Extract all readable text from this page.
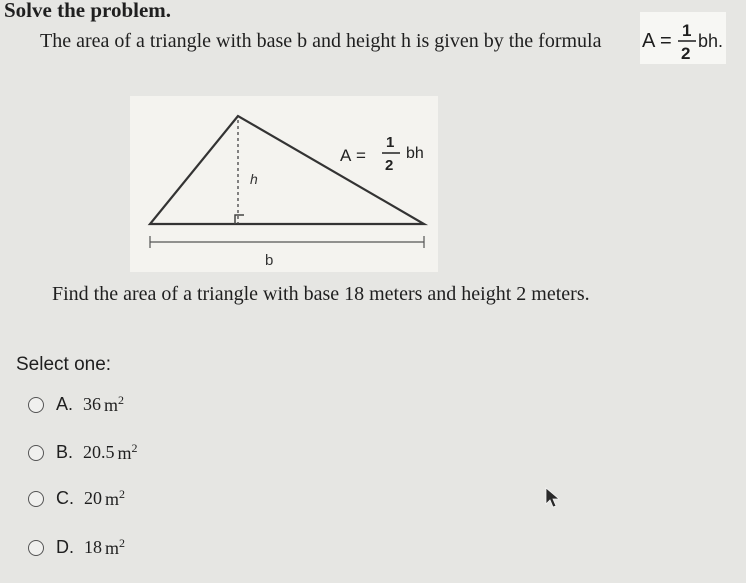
Solve the problem.
The area of a triangle with base b and height h is given by the formula A = 1
2
bh.
h
b
A =
1
2
bh
Find the area of a triangle with base 18 meters and height 2 meters.
Select one:
A. 36 $m^2$
B. 20.5 $m^2$
C. 20 $m^2$
D. 18 $m^2$
